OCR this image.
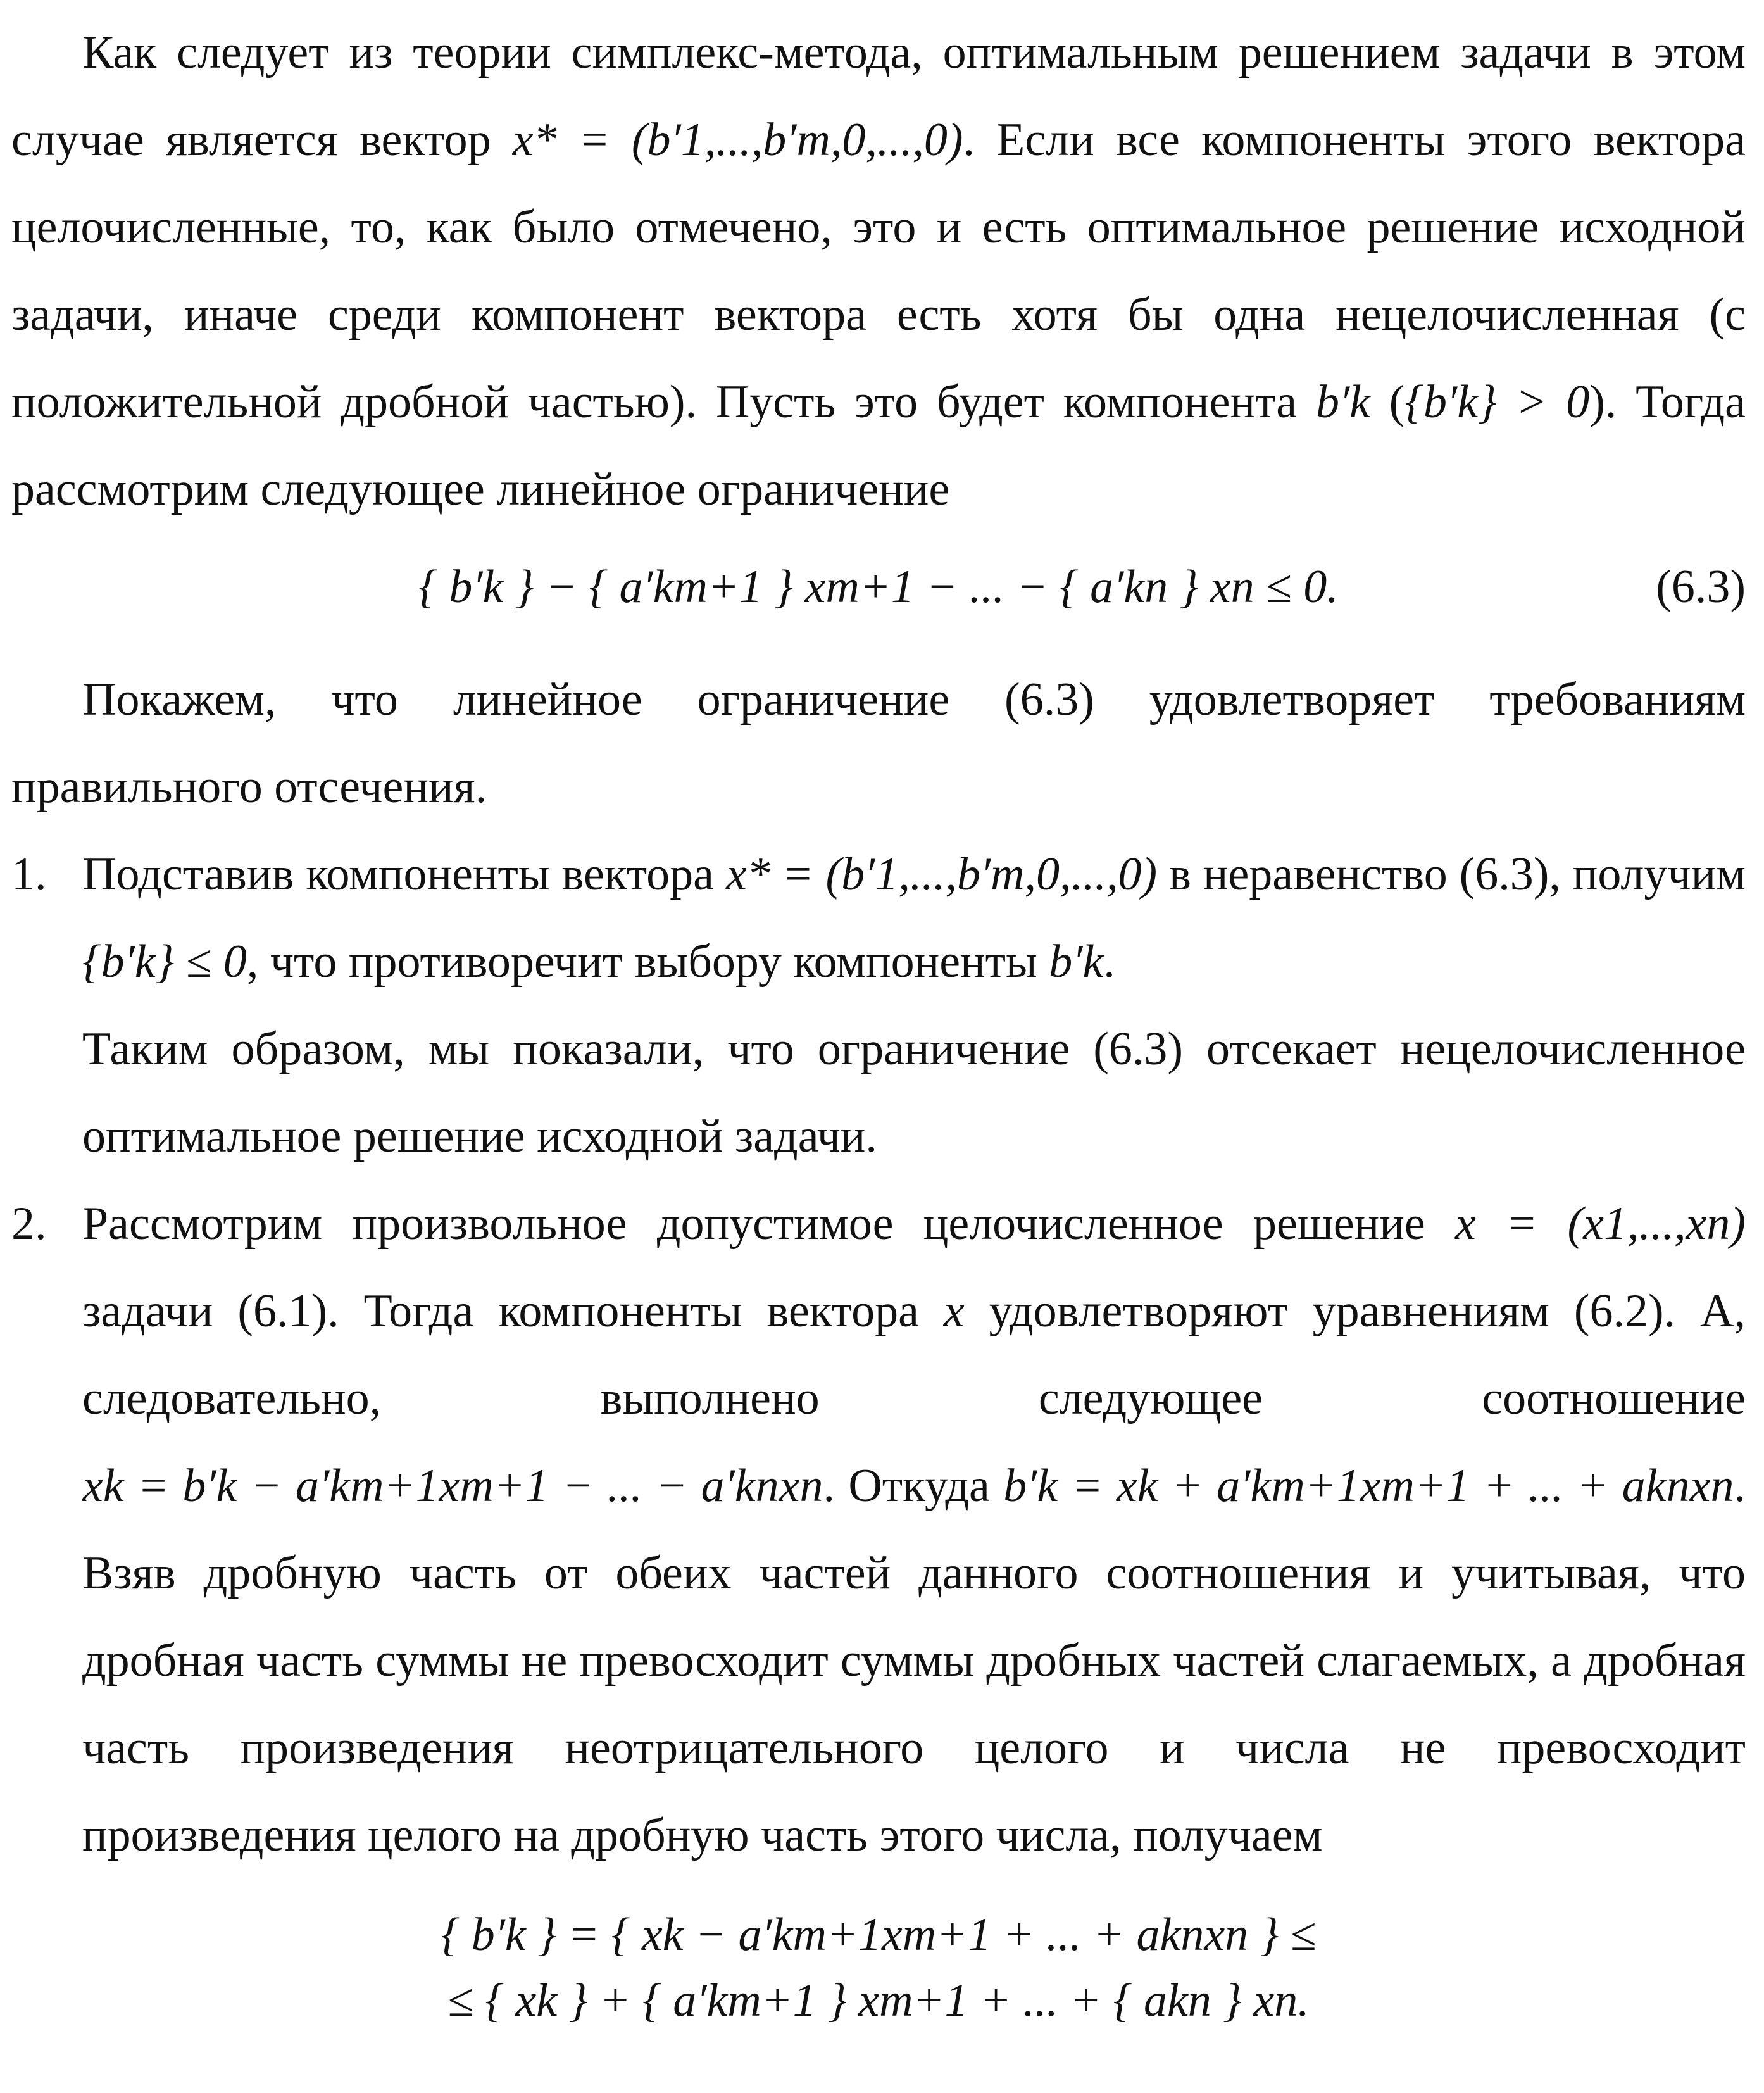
Как следует из теории симплекс-метода, оптимальным решением задачи в этом случае является вектор x* = (b′1,...,b′m,0,...,0). Если все компоненты этого вектора целочисленные, то, как было отмечено, это и есть оптимальное решение исходной задачи, иначе среди компонент вектора есть хотя бы одна нецелочисленная (с положительной дробной частью). Пусть это будет компонента b′k ({b′k} > 0). Тогда рассмотрим следующее линейное ограничение

{ b′k } − { a′km+1 } xm+1 − ... − { a′kn } xn ≤ 0.	(6.3)

Покажем, что линейное ограничение (6.3) удовлетворяет требованиям правильного отсечения.

1. Подставив компоненты вектора x* = (b′1,...,b′m,0,...,0) в неравенство (6.3), получим {b′k} ≤ 0, что противоречит выбору компоненты b′k.

Таким образом, мы показали, что ограничение (6.3) отсекает нецелочисленное оптимальное решение исходной задачи.

2. Рассмотрим произвольное допустимое целочисленное решение x = (x1,...,xn) задачи (6.1). Тогда компоненты вектора x удовлетворяют уравнениям (6.2). А, следовательно, выполнено следующее соотношение xk = b′k − a′km+1xm+1 − ... − a′knxn. Откуда b′k = xk + a′km+1xm+1 + ... + aknxn. Взяв дробную часть от обеих частей данного соотношения и учитывая, что дробная часть суммы не превосходит суммы дробных частей слагаемых, а дробная часть произведения неотрицательного целого и числа не превосходит произведения целого на дробную часть этого числа, получаем

{ b′k } = { xk − a′km+1xm+1 + ... + aknxn } ≤
≤ { xk } + { a′km+1 } xm+1 + ... + { akn } xn.
